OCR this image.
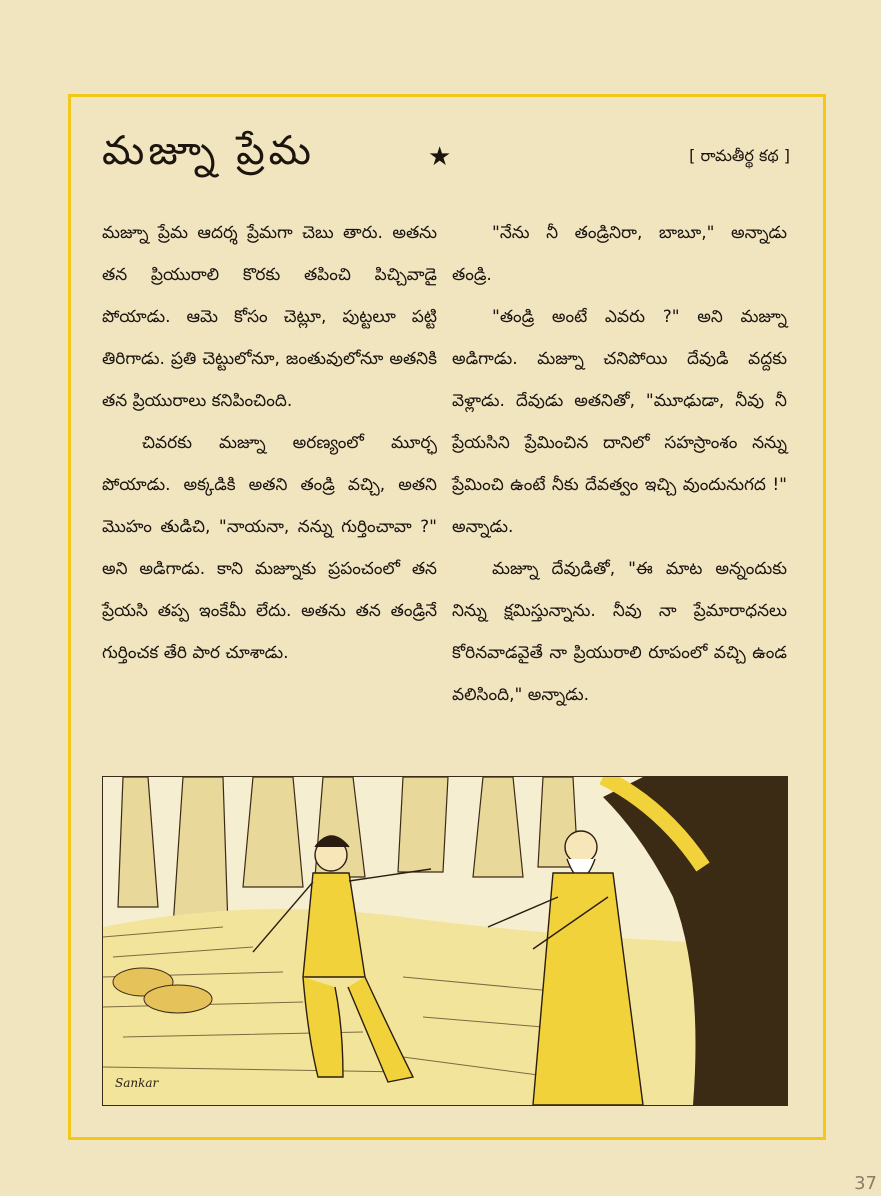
మజ్నూ ప్రేమ	★	[ రామతీర్థ కథ ]

మజ్నూ ప్రేమ ఆదర్శ ప్రేమగా చెబు తారు. అతను తన ప్రియురాలి కొరకు తపించి పిచ్చివాడై పోయాడు. ఆమె కోసం చెట్లూ, పుట్టలూ పట్టి తిరిగాడు. ప్రతి చెట్టులోనూ, జంతువులోనూ అతనికి తన ప్రియురాలు కనిపించింది.

చివరకు మజ్నూ అరణ్యంలో మూర్ఛ పోయాడు. అక్కడికి అతని తండ్రి వచ్చి, అతని మొహం తుడిచి, "నాయనా, నన్ను గుర్తించావా ?" అని అడిగాడు. కాని మజ్నూకు ప్రపంచంలో తన ప్రేయసి తప్ప ఇంకేమీ లేదు. అతను తన తండ్రినే గుర్తించక తేరి పార చూశాడు.

"నేను నీ తండ్రినిరా, బాబూ," అన్నాడు తండ్రి.

"తండ్రి అంటే ఎవరు ?" అని మజ్నూ అడిగాడు. మజ్నూ చనిపోయి దేవుడి వద్దకు వెళ్లాడు. దేవుడు అతనితో, "మూఢుడా, నీవు నీ ప్రేయసిని ప్రేమించిన దానిలో సహస్రాంశం నన్ను ప్రేమించి ఉంటే నీకు దేవత్వం ఇచ్చి వుందునుగద !" అన్నాడు.

మజ్నూ దేవుడితో, "ఈ మాట అన్నందుకు నిన్ను క్షమిస్తున్నాను. నీవు నా ప్రేమారాధనలు కోరినవాడవైతే నా ప్రియురాలి రూపంలో వచ్చి ఉండ వలిసింది," అన్నాడు.

Sankar
37
